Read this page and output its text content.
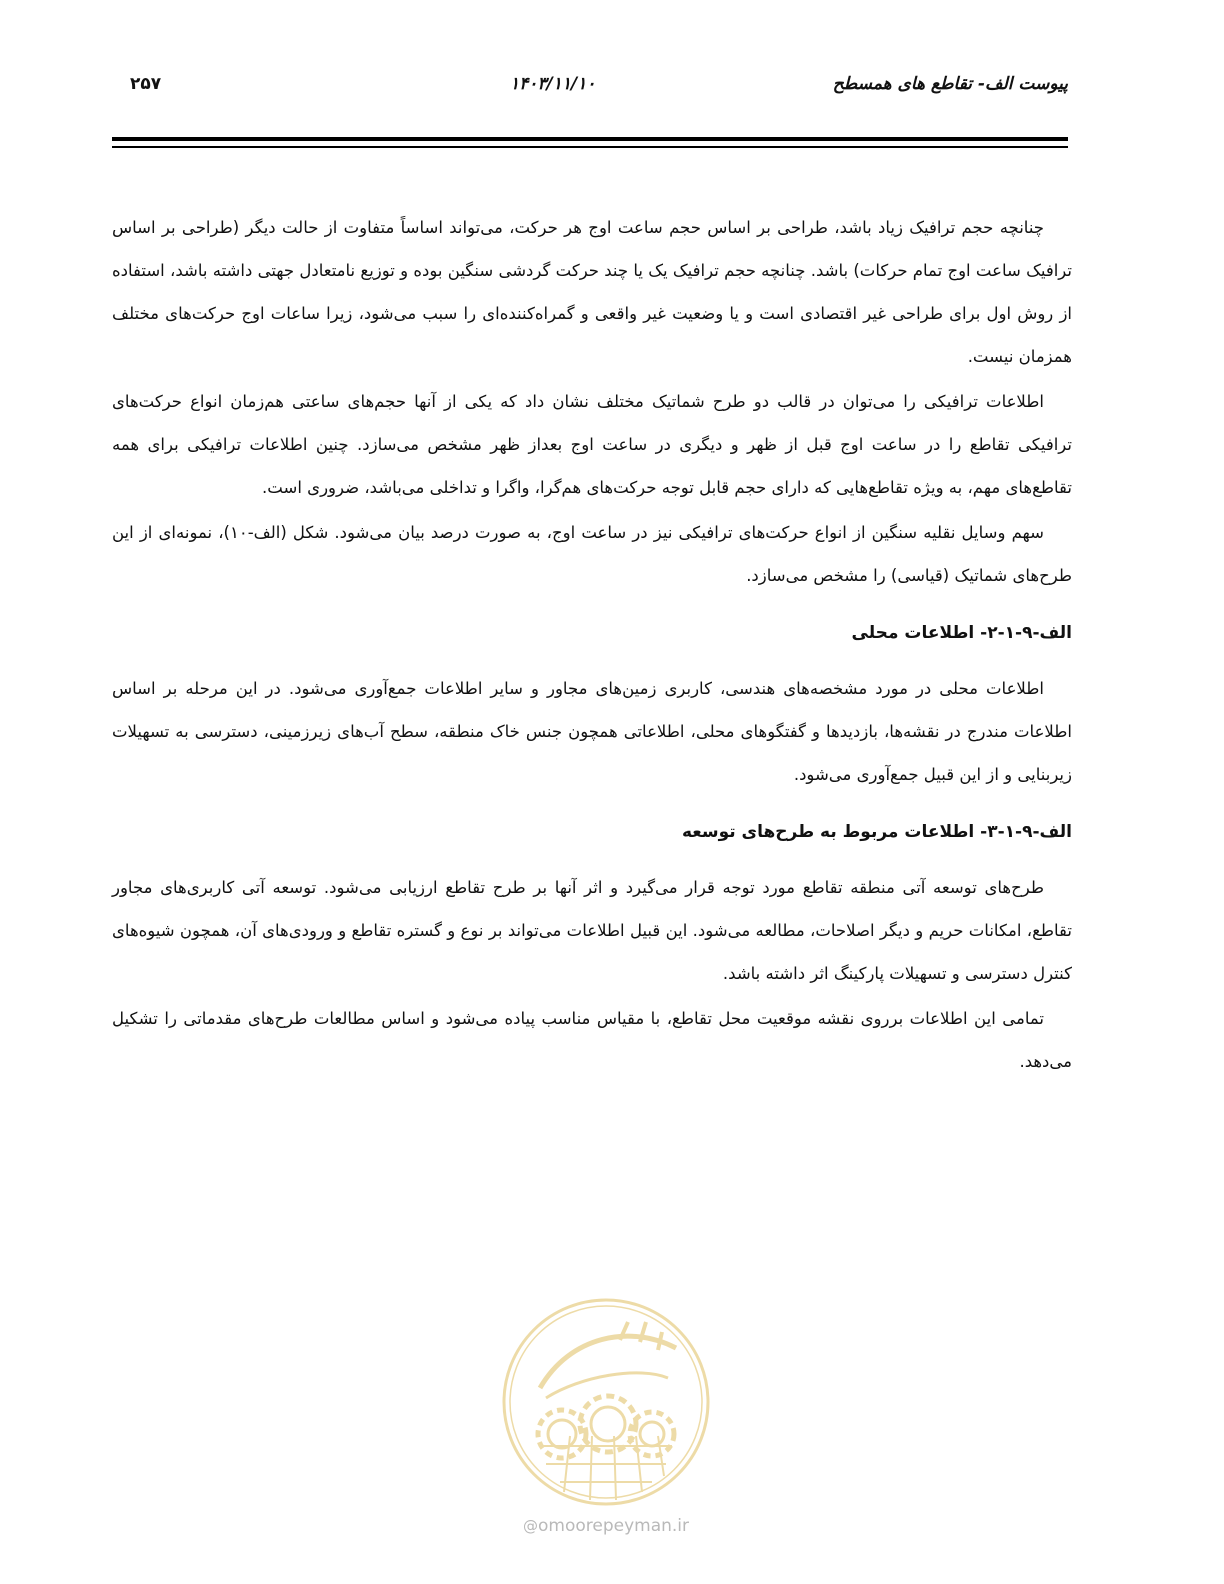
پیوست الف- تقاطع های همسطح
۱۴۰۳/۱۱/۱۰
۲۵۷

چنانچه حجم ترافیک زیاد باشد، طراحی بر اساس حجم ساعت اوج هر حرکت، می‌تواند اساساً متفاوت از حالت دیگر (طراحی بر اساس ترافیک ساعت اوج تمام حرکات) باشد. چنانچه حجم ترافیک یک یا چند حرکت گردشی سنگین بوده و توزیع نامتعادل جهتی داشته باشد، استفاده از روش اول برای طراحی غیر اقتصادی است و یا وضعیت غیر واقعی و گمراه‌کننده‌ای را سبب می‌شود، زیرا ساعات اوج حرکت‌های مختلف همزمان نیست.

اطلاعات ترافیکی را می‌توان در قالب دو طرح شماتیک مختلف نشان داد که یکی از آنها حجم‌های ساعتی هم‌زمان انواع حرکت‌های ترافیکی تقاطع را در ساعت اوج قبل از ظهر و دیگری در ساعت اوج بعداز ظهر مشخص می‌سازد. چنین اطلاعات ترافیکی برای همه تقاطع‌های مهم، به ویژه تقاطع‌هایی که دارای حجم قابل توجه حرکت‌های هم‌گرا، واگرا و تداخلی می‌باشد، ضروری است.

سهم وسایل نقلیه سنگین از انواع حرکت‌های ترافیکی نیز در ساعت اوج، به صورت درصد بیان می‌شود. شکل (الف-۱۰)، نمونه‌ای از این طرح‌های شماتیک (قیاسی) را مشخص می‌سازد.

الف-۹-۱-۲- اطلاعات محلی

اطلاعات محلی در مورد مشخصه‌های هندسی، کاربری زمین‌های مجاور و سایر اطلاعات جمع‌آوری می‌شود. در این مرحله بر اساس اطلاعات مندرج در نقشه‌ها، بازدیدها و گفتگوهای محلی، اطلاعاتی همچون جنس خاک منطقه، سطح آب‌های زیرزمینی، دسترسی به تسهیلات زیربنایی و از این قبیل جمع‌آوری می‌شود.

الف-۹-۱-۳- اطلاعات مربوط به طرح‌های توسعه

طرح‌های توسعه آتی منطقه تقاطع مورد توجه قرار می‌گیرد و اثر آنها بر طرح تقاطع ارزیابی می‌شود. توسعه آتی کاربری‌های مجاور تقاطع، امکانات حریم و دیگر اصلاحات، مطالعه می‌شود. این قبیل اطلاعات می‌تواند بر نوع و گستره تقاطع و ورودی‌های آن، همچون شیوه‌های کنترل دسترسی و تسهیلات پارکینگ اثر داشته باشد.

تمامی این اطلاعات برروی نقشه موقعیت محل تقاطع، با مقیاس مناسب پیاده می‌شود و اساس مطالعات طرح‌های مقدماتی را تشکیل می‌دهد.

@omoorepeyman.ir
